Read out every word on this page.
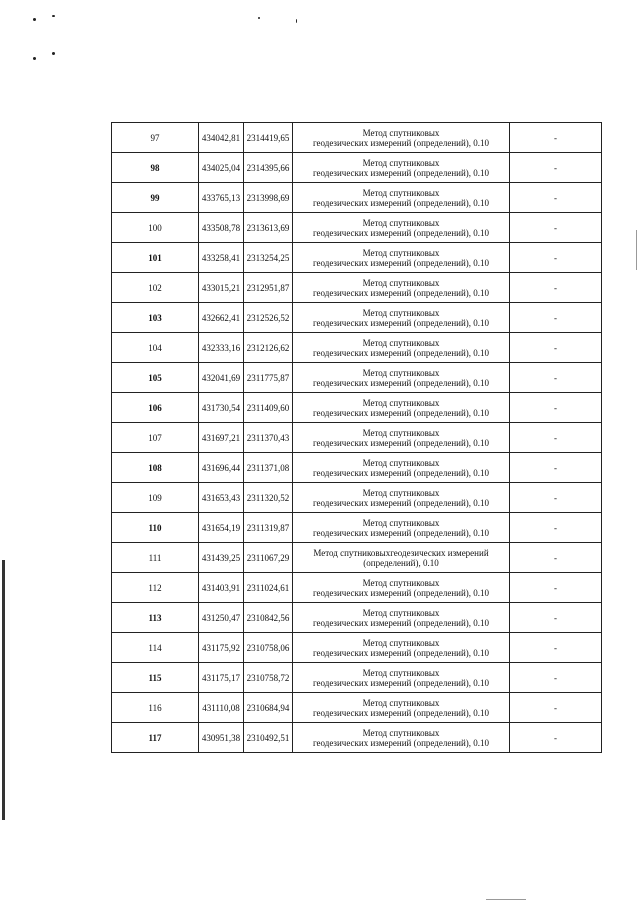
97	434042,81	2314419,65	Метод спутниковых
геодезических измерений (определений), 0.10	-
98	434025,04	2314395,66	Метод спутниковых
геодезических измерений (определений), 0.10	-
99	433765,13	2313998,69	Метод спутниковых
геодезических измерений (определений), 0.10	-
100	433508,78	2313613,69	Метод спутниковых
геодезических измерений (определений), 0.10	-
101	433258,41	2313254,25	Метод спутниковых
геодезических измерений (определений), 0.10	-
102	433015,21	2312951,87	Метод спутниковых
геодезических измерений (определений), 0.10	-
103	432662,41	2312526,52	Метод спутниковых
геодезических измерений (определений), 0.10	-
104	432333,16	2312126,62	Метод спутниковых
геодезических измерений (определений), 0.10	-
105	432041,69	2311775,87	Метод спутниковых
геодезических измерений (определений), 0.10	-
106	431730,54	2311409,60	Метод спутниковых
геодезических измерений (определений), 0.10	-
107	431697,21	2311370,43	Метод спутниковых
геодезических измерений (определений), 0.10	-
108	431696,44	2311371,08	Метод спутниковых
геодезических измерений (определений), 0.10	-
109	431653,43	2311320,52	Метод спутниковых
геодезических измерений (определений), 0.10	-
110	431654,19	2311319,87	Метод спутниковых
геодезических измерений (определений), 0.10	-
111	431439,25	2311067,29	Метод спутниковыхгеодезических измерений
(определений), 0.10	-
112	431403,91	2311024,61	Метод спутниковых
геодезических измерений (определений), 0.10	-
113	431250,47	2310842,56	Метод спутниковых
геодезических измерений (определений), 0.10	-
114	431175,92	2310758,06	Метод спутниковых
геодезических измерений (определений), 0.10	-
115	431175,17	2310758,72	Метод спутниковых
геодезических измерений (определений), 0.10	-
116	431110,08	2310684,94	Метод спутниковых
геодезических измерений (определений), 0.10	-
117	430951,38	2310492,51	Метод спутниковых
геодезических измерений (определений), 0.10	-
